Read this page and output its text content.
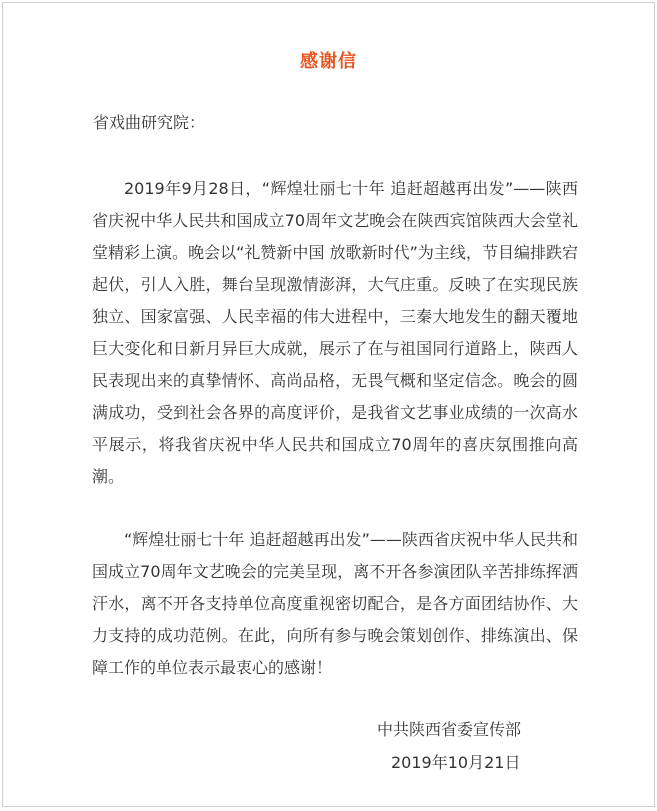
感谢信
省戏曲研究院：

2019年9月28日，“辉煌壮丽七十年 追赶超越再出发”——陕西省庆祝中华人民共和国成立70周年文艺晚会在陕西宾馆陕西大会堂礼堂精彩上演。晚会以“礼赞新中国 放歌新时代”为主线，节目编排跌宕起伏，引人入胜，舞台呈现激情澎湃，大气庄重。反映了在实现民族独立、国家富强、人民幸福的伟大进程中，三秦大地发生的翻天覆地巨大变化和日新月异巨大成就，展示了在与祖国同行道路上，陕西人民表现出来的真挚情怀、高尚品格，无畏气概和坚定信念。晚会的圆满成功，受到社会各界的高度评价，是我省文艺事业成绩的一次高水平展示，将我省庆祝中华人民共和国成立70周年的喜庆氛围推向高潮。

“辉煌壮丽七十年 追赶超越再出发”——陕西省庆祝中华人民共和国成立70周年文艺晚会的完美呈现，离不开各参演团队辛苦排练挥洒汗水，离不开各支持单位高度重视密切配合，是各方面团结协作、大力支持的成功范例。在此，向所有参与晚会策划创作、排练演出、保障工作的单位表示最衷心的感谢！

中共陕西省委宣传部
2019年10月21日
